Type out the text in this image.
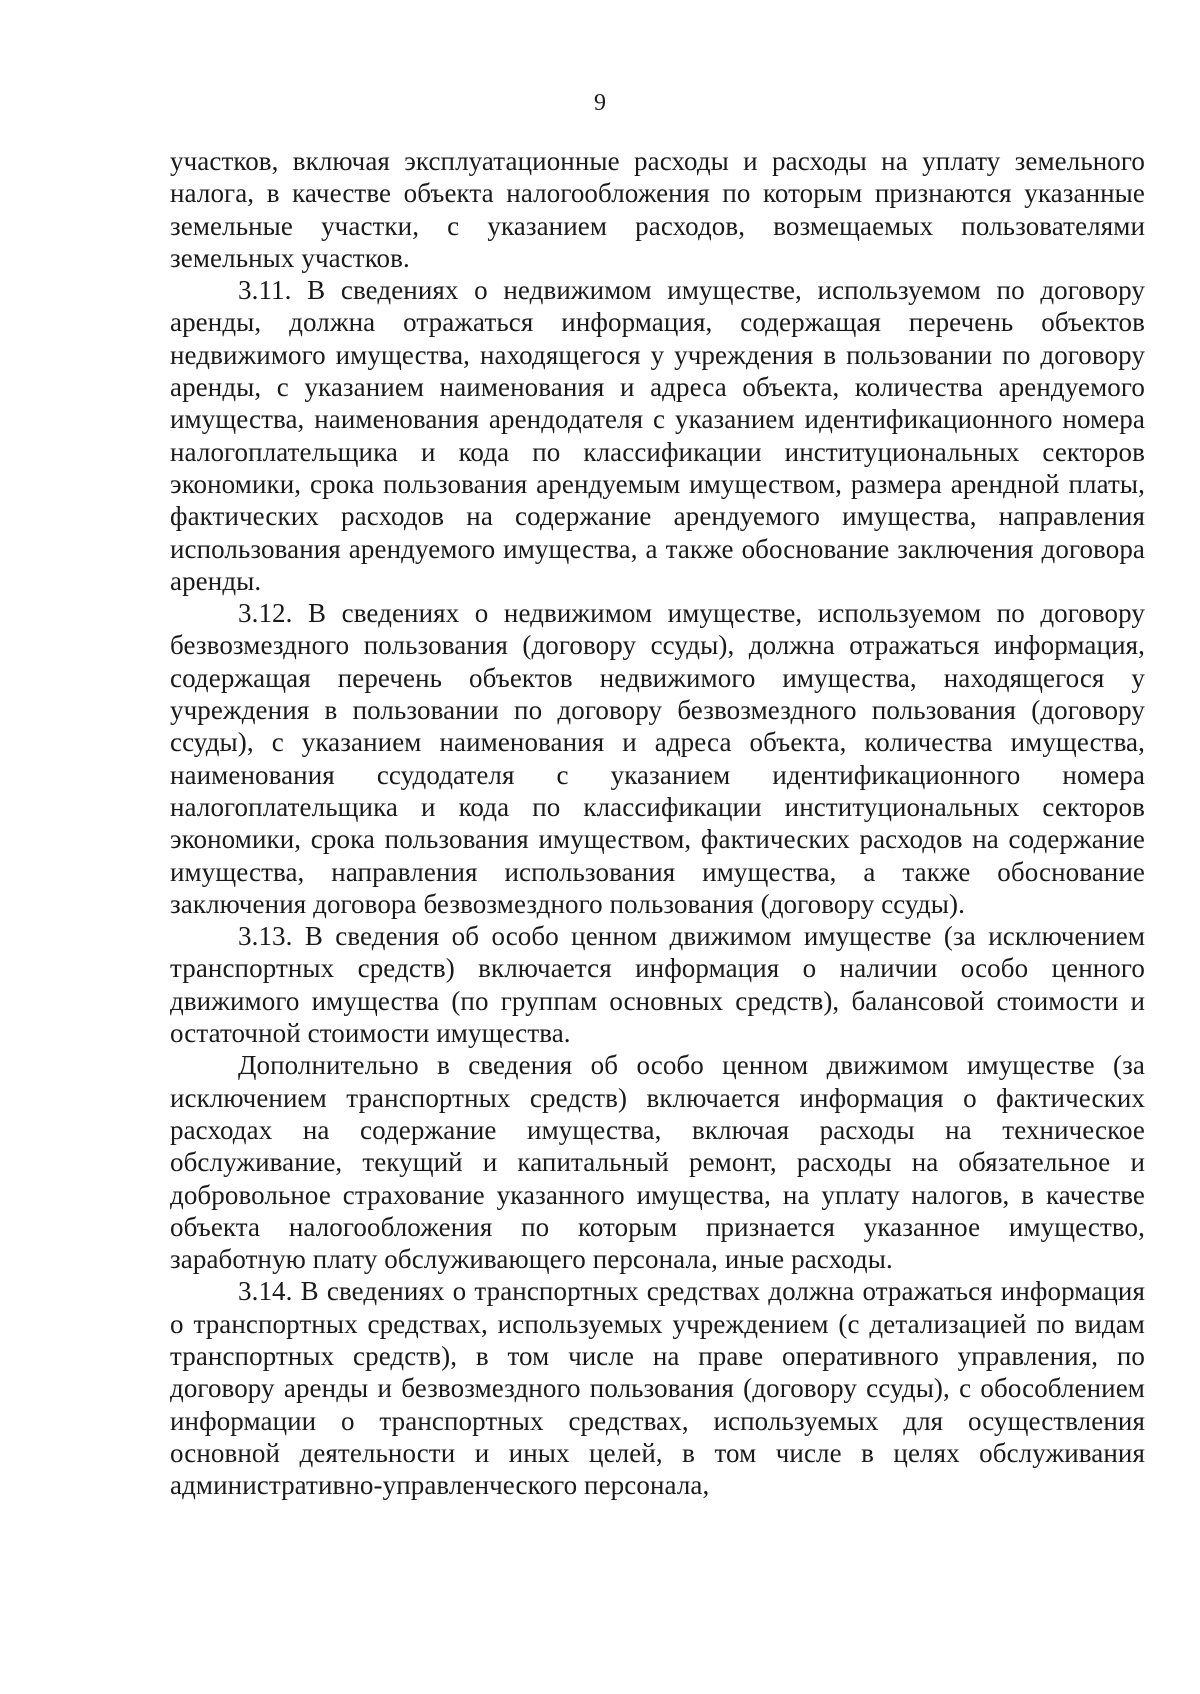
9

участков, включая эксплуатационные расходы и расходы на уплату земельного налога, в качестве объекта налогообложения по которым признаются указанные земельные участки, с указанием расходов, возмещаемых пользователями земельных участков.

3.11. В сведениях о недвижимом имуществе, используемом по договору аренды, должна отражаться информация, содержащая перечень объектов недвижимого имущества, находящегося у учреждения в пользовании по договору аренды, с указанием наименования и адреса объекта, количества арендуемого имущества, наименования арендодателя с указанием идентификационного номера налогоплательщика и кода по классификации институциональных секторов экономики, срока пользования арендуемым имуществом, размера арендной платы, фактических расходов на содержание арендуемого имущества, направления использования арендуемого имущества, а также обоснование заключения договора аренды.

3.12. В сведениях о недвижимом имуществе, используемом по договору безвозмездного пользования (договору ссуды), должна отражаться информация, содержащая перечень объектов недвижимого имущества, находящегося у учреждения в пользовании по договору безвозмездного пользования (договору ссуды), с указанием наименования и адреса объекта, количества имущества, наименования ссудодателя с указанием идентификационного номера налогоплательщика и кода по классификации институциональных секторов экономики, срока пользования имуществом, фактических расходов на содержание имущества, направления использования имущества, а также обоснование заключения договора безвозмездного пользования (договору ссуды).

3.13. В сведения об особо ценном движимом имуществе (за исключением транспортных средств) включается информация о наличии особо ценного движимого имущества (по группам основных средств), балансовой стоимости и остаточной стоимости имущества.

Дополнительно в сведения об особо ценном движимом имуществе (за исключением транспортных средств) включается информация о фактических расходах на содержание имущества, включая расходы на техническое обслуживание, текущий и капитальный ремонт, расходы на обязательное и добровольное страхование указанного имущества, на уплату налогов, в качестве объекта налогообложения по которым признается указанное имущество, заработную плату обслуживающего персонала, иные расходы.

3.14. В сведениях о транспортных средствах должна отражаться информация о транспортных средствах, используемых учреждением (с детализацией по видам транспортных средств), в том числе на праве оперативного управления, по договору аренды и безвозмездного пользования (договору ссуды), с обособлением информации о транспортных средствах, используемых для осуществления основной деятельности и иных целей, в том числе в целях обслуживания административно-управленческого персонала,
